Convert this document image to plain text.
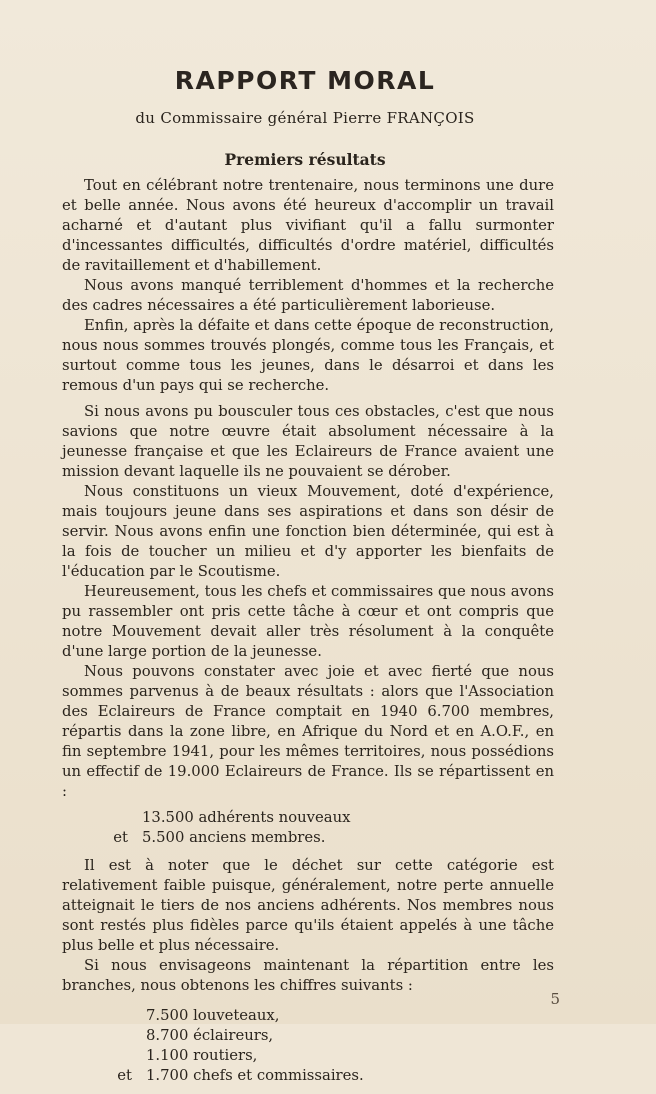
RAPPORT MORAL
du Commissaire général Pierre FRANÇOIS
Premiers résultats

Tout en célébrant notre trentenaire, nous terminons une dure et belle année. Nous avons été heureux d'accomplir un travail acharné et d'autant plus vivifiant qu'il a fallu surmonter d'incessantes difficultés, difficultés d'ordre matériel, difficultés de ravitaillement et d'habillement.

Nous avons manqué terriblement d'hommes et la recherche des cadres nécessaires a été particulièrement laborieuse.

Enfin, après la défaite et dans cette époque de reconstruction, nous nous sommes trouvés plongés, comme tous les Français, et surtout comme tous les jeunes, dans le désarroi et dans les remous d'un pays qui se recherche.

Si nous avons pu bousculer tous ces obstacles, c'est que nous savions que notre œuvre était absolument nécessaire à la jeunesse française et que les Eclaireurs de France avaient une mission devant laquelle ils ne pouvaient se dérober.

Nous constituons un vieux Mouvement, doté d'expérience, mais toujours jeune dans ses aspirations et dans son désir de servir. Nous avons enfin une fonction bien déterminée, qui est à la fois de toucher un milieu et d'y apporter les bienfaits de l'éducation par le Scoutisme.

Heureusement, tous les chefs et commissaires que nous avons pu rassembler ont pris cette tâche à cœur et ont compris que notre Mouvement devait aller très résolument à la conquête d'une large portion de la jeunesse.

Nous pouvons constater avec joie et avec fierté que nous sommes parvenus à de beaux résultats : alors que l'Association des Eclaireurs de France comptait en 1940 6.700 membres, répartis dans la zone libre, en Afrique du Nord et en A.O.F., en fin septembre 1941, pour les mêmes territoires, nous possédions un effectif de 19.000 Eclaireurs de France. Ils se répartissent en :

13.500 adhérents nouveaux
et 5.500 anciens membres.

Il est à noter que le déchet sur cette catégorie est relativement faible puisque, généralement, notre perte annuelle atteignait le tiers de nos anciens adhérents. Nos membres nous sont restés plus fidèles parce qu'ils étaient appelés à une tâche plus belle et plus nécessaire.

Si nous envisageons maintenant la répartition entre les branches, nous obtenons les chiffres suivants :

7.500 louveteaux,
8.700 éclaireurs,
1.100 routiers,
et 1.700 chefs et commissaires.
5
